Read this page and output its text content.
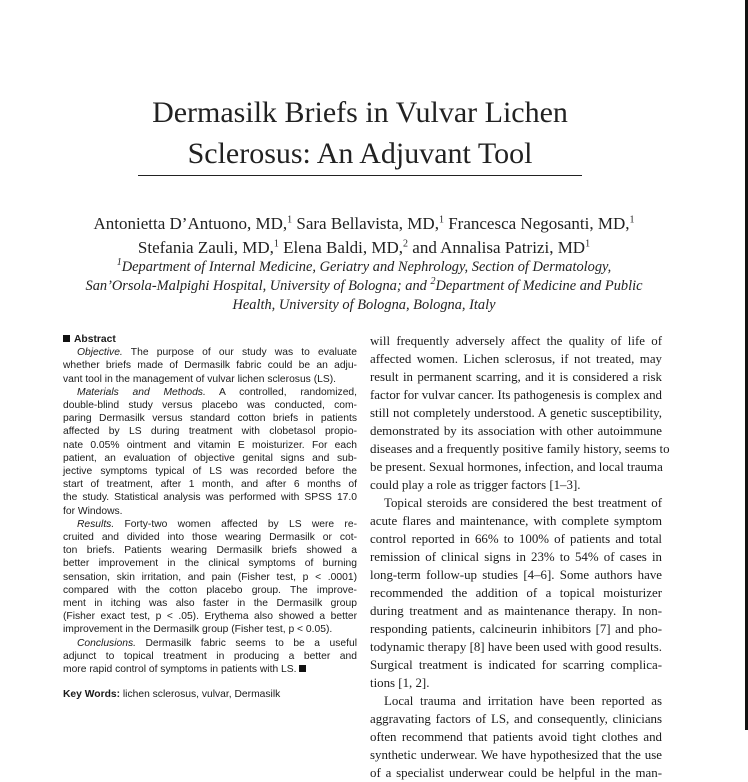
Dermasilk Briefs in Vulvar Lichen
Sclerosus: An Adjuvant Tool

Antonietta D’Antuono, MD,$^1$ Sara Bellavista, MD,$^1$ Francesca Negosanti, MD,$^1$
Stefania Zauli, MD,$^1$ Elena Baldi, MD,$^2$ and Annalisa Patrizi, $MD^1$

$^1$Department of Internal Medicine, Geriatry and Nephrology, Section of Dermatology,
San’Orsola-Malpighi Hospital, University of Bologna; and $^2$Department of Medicine and Public
Health, University of Bologna, Bologna, Italy

Abstract

Objective. The purpose of our study was to evaluate
whether briefs made of Dermasilk fabric could be an adju-
vant tool in the management of vulvar lichen sclerosus (LS).

Materials and Methods. A controlled, randomized,
double-blind study versus placebo was conducted, com-
paring Dermasilk versus standard cotton briefs in patients
affected by LS during treatment with clobetasol propio-
nate 0.05% ointment and vitamin E moisturizer. For each
patient, an evaluation of objective genital signs and sub-
jective symptoms typical of LS was recorded before the
start of treatment, after 1 month, and after 6 months of
the study. Statistical analysis was performed with SPSS 17.0
for Windows.

Results. Forty-two women affected by LS were re-
cruited and divided into those wearing Dermasilk or cot-
ton briefs. Patients wearing Dermasilk briefs showed a
better improvement in the clinical symptoms of burning
sensation, skin irritation, and pain (Fisher test, p < .0001)
compared with the cotton placebo group. The improve-
ment in itching was also faster in the Dermasilk group
(Fisher exact test, p < .05). Erythema also showed a better
improvement in the Dermasilk group (Fisher test, p < 0.05).

Conclusions. Dermasilk fabric seems to be a useful
adjunct to topical treatment in producing a better and
more rapid control of symptoms in patients with LS.

Key Words: lichen sclerosus, vulvar, Dermasilk

will frequently adversely affect the quality of life of
affected women. Lichen sclerosus, if not treated, may
result in permanent scarring, and it is considered a risk
factor for vulvar cancer. Its pathogenesis is complex and
still not completely understood. A genetic susceptibility,
demonstrated by its association with other autoimmune
diseases and a frequently positive family history, seems to
be present. Sexual hormones, infection, and local trauma
could play a role as trigger factors [1–3].
Topical steroids are considered the best treatment of
acute flares and maintenance, with complete symptom
control reported in 66% to 100% of patients and total
remission of clinical signs in 23% to 54% of cases in
long-term follow-up studies [4–6]. Some authors have
recommended the addition of a topical moisturizer
during treatment and as maintenance therapy. In non-
responding patients, calcineurin inhibitors [7] and pho-
todynamic therapy [8] have been used with good results.
Surgical treatment is indicated for scarring complica-
tions [1, 2].
Local trauma and irritation have been reported as
aggravating factors of LS, and consequently, clinicians
often recommend that patients avoid tight clothes and
synthetic underwear. We have hypothesized that the use
of a specialist underwear could be helpful in the man-
